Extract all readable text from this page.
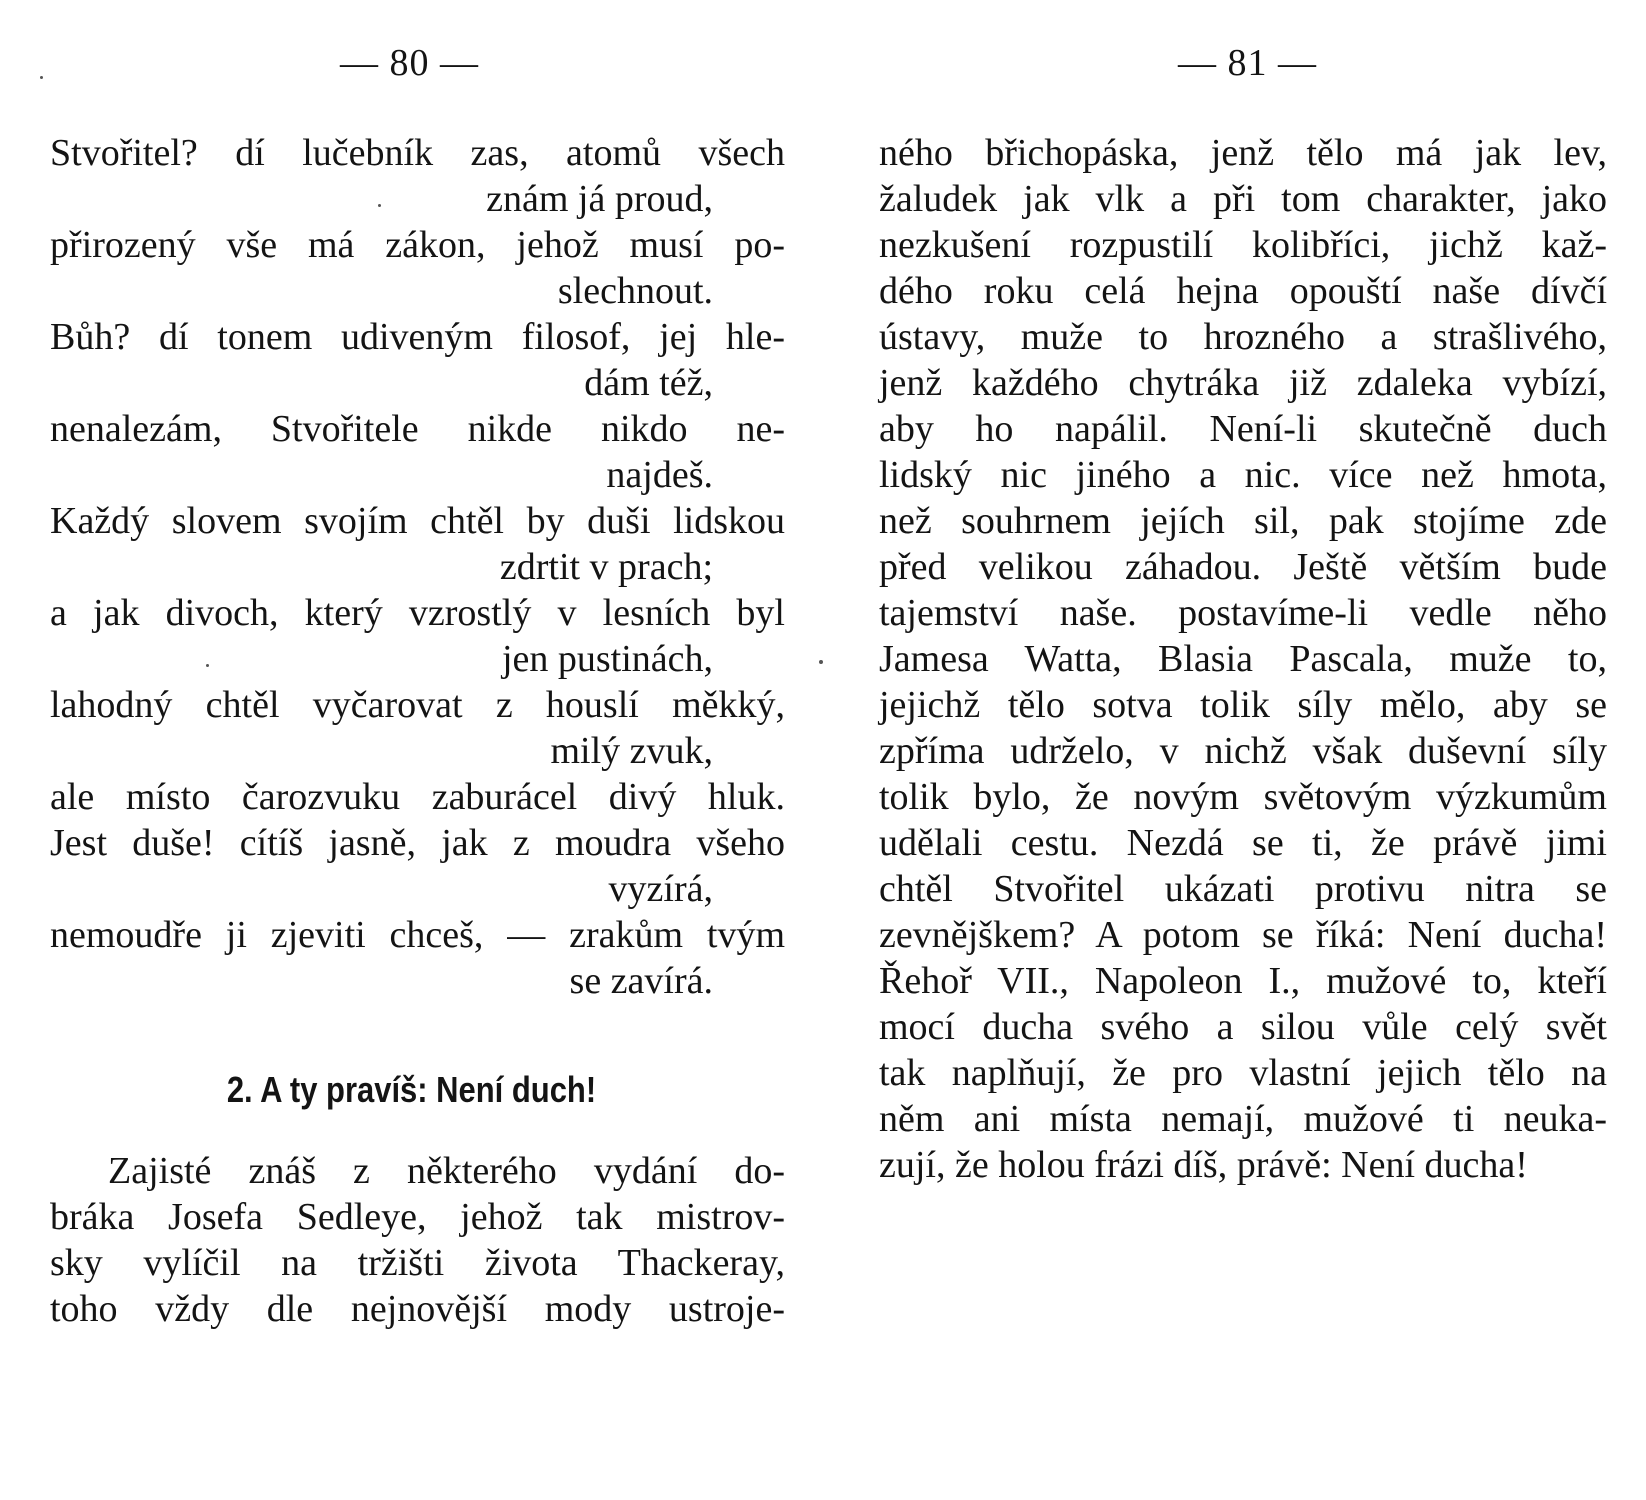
— 80 —
Stvořitel? dí lučebník zas, atomů všech
znám já proud,
přirozený vše má zákon, jehož musí po-
slechnout.
Bůh? dí tonem udiveným filosof, jej hle-
dám též,
nenalezám, Stvořitele nikde nikdo ne-
najdeš.
Každý slovem svojím chtěl by duši lidskou
zdrtit v prach;
a jak divoch, který vzrostlý v lesních byl
jen pustinách,
lahodný chtěl vyčarovat z houslí měkký,
milý zvuk,
ale místo čarozvuku zaburácel divý hluk.
Jest duše! cítíš jasně, jak z moudra všeho
vyzírá,
nemoudře ji zjeviti chceš, — zrakům tvým
se zavírá.
2. A ty pravíš: Není duch!
Zajisté znáš z některého vydání do-
bráka Josefa Sedleye, jehož tak mistrov-
sky vylíčil na tržišti života Thackeray,
toho vždy dle nejnovější mody ustroje-
— 81 —
ného břichopáska, jenž tělo má jak lev,
žaludek jak vlk a při tom charakter, jako
nezkušení rozpustilí kolibříci, jichž kaž-
dého roku celá hejna opouští naše dívčí
ústavy, muže to hrozného a strašlivého,
jenž každého chytráka již zdaleka vybízí,
aby ho napálil. Není-li skutečně duch
lidský nic jiného a nic. více než hmota,
než souhrnem jejích sil, pak stojíme zde
před velikou záhadou. Ještě větším bude
tajemství naše. postavíme-li vedle něho
Jamesa Watta, Blasia Pascala, muže to,
jejichž tělo sotva tolik síly mělo, aby se
zpříma udrželo, v nichž však duševní síly
tolik bylo, že novým světovým výzkumům
udělali cestu. Nezdá se ti, že právě jimi
chtěl Stvořitel ukázati protivu nitra se
zevnějškem? A potom se říká: Není ducha!
Řehoř VII., Napoleon I., mužové to, kteří
mocí ducha svého a silou vůle celý svět
tak naplňují, že pro vlastní jejich tělo na
něm ani místa nemají, mužové ti neuka-
zují, že holou frázi díš, právě: Není ducha!
